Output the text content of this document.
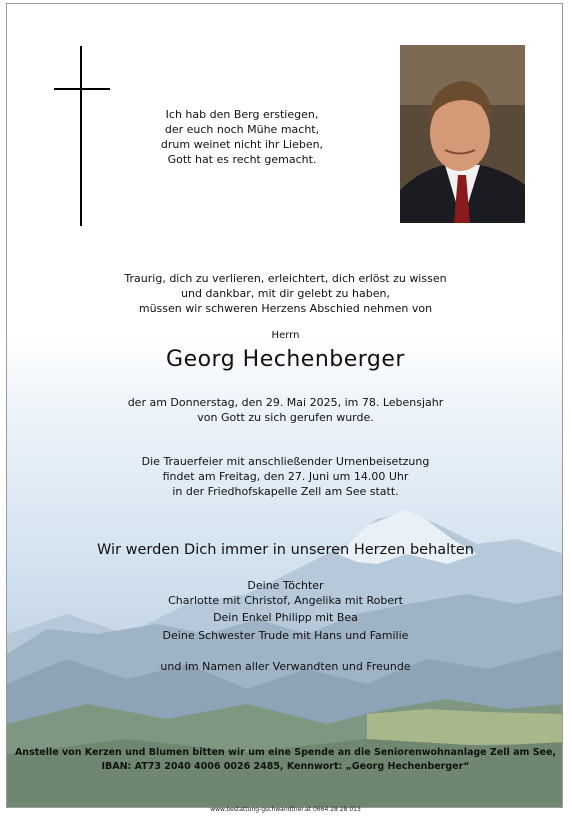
Ich hab den Berg erstiegen,
der euch noch Mühe macht,
drum weinet nicht ihr Lieben,
Gott hat es recht gemacht.
Traurig, dich zu verlieren, erleichtert, dich erlöst zu wissen
und dankbar, mit dir gelebt zu haben,
müssen wir schweren Herzens Abschied nehmen von
Herrn
Georg Hechenberger
der am Donnerstag, den 29. Mai 2025, im 78. Lebensjahr
von Gott zu sich gerufen wurde.
Die Trauerfeier mit anschließender Urnenbeisetzung
findet am Freitag, den 27. Juni um 14.00 Uhr
in der Friedhofskapelle Zell am See statt.
Wir werden Dich immer in unseren Herzen behalten
Deine Töchter
Charlotte mit Christof, Angelika mit Robert
Dein Enkel Philipp mit Bea
Deine Schwester Trude mit Hans und Familie
und im Namen aller Verwandten und Freunde
Anstelle von Kerzen und Blumen bitten wir um eine Spende an die Seniorenwohnanlage Zell am See,
IBAN: AT73 2040 4006 0026 2485, Kennwort: „Georg Hechenberger“
www.bestattung-gschwandtner.at 0664 28 28 013
